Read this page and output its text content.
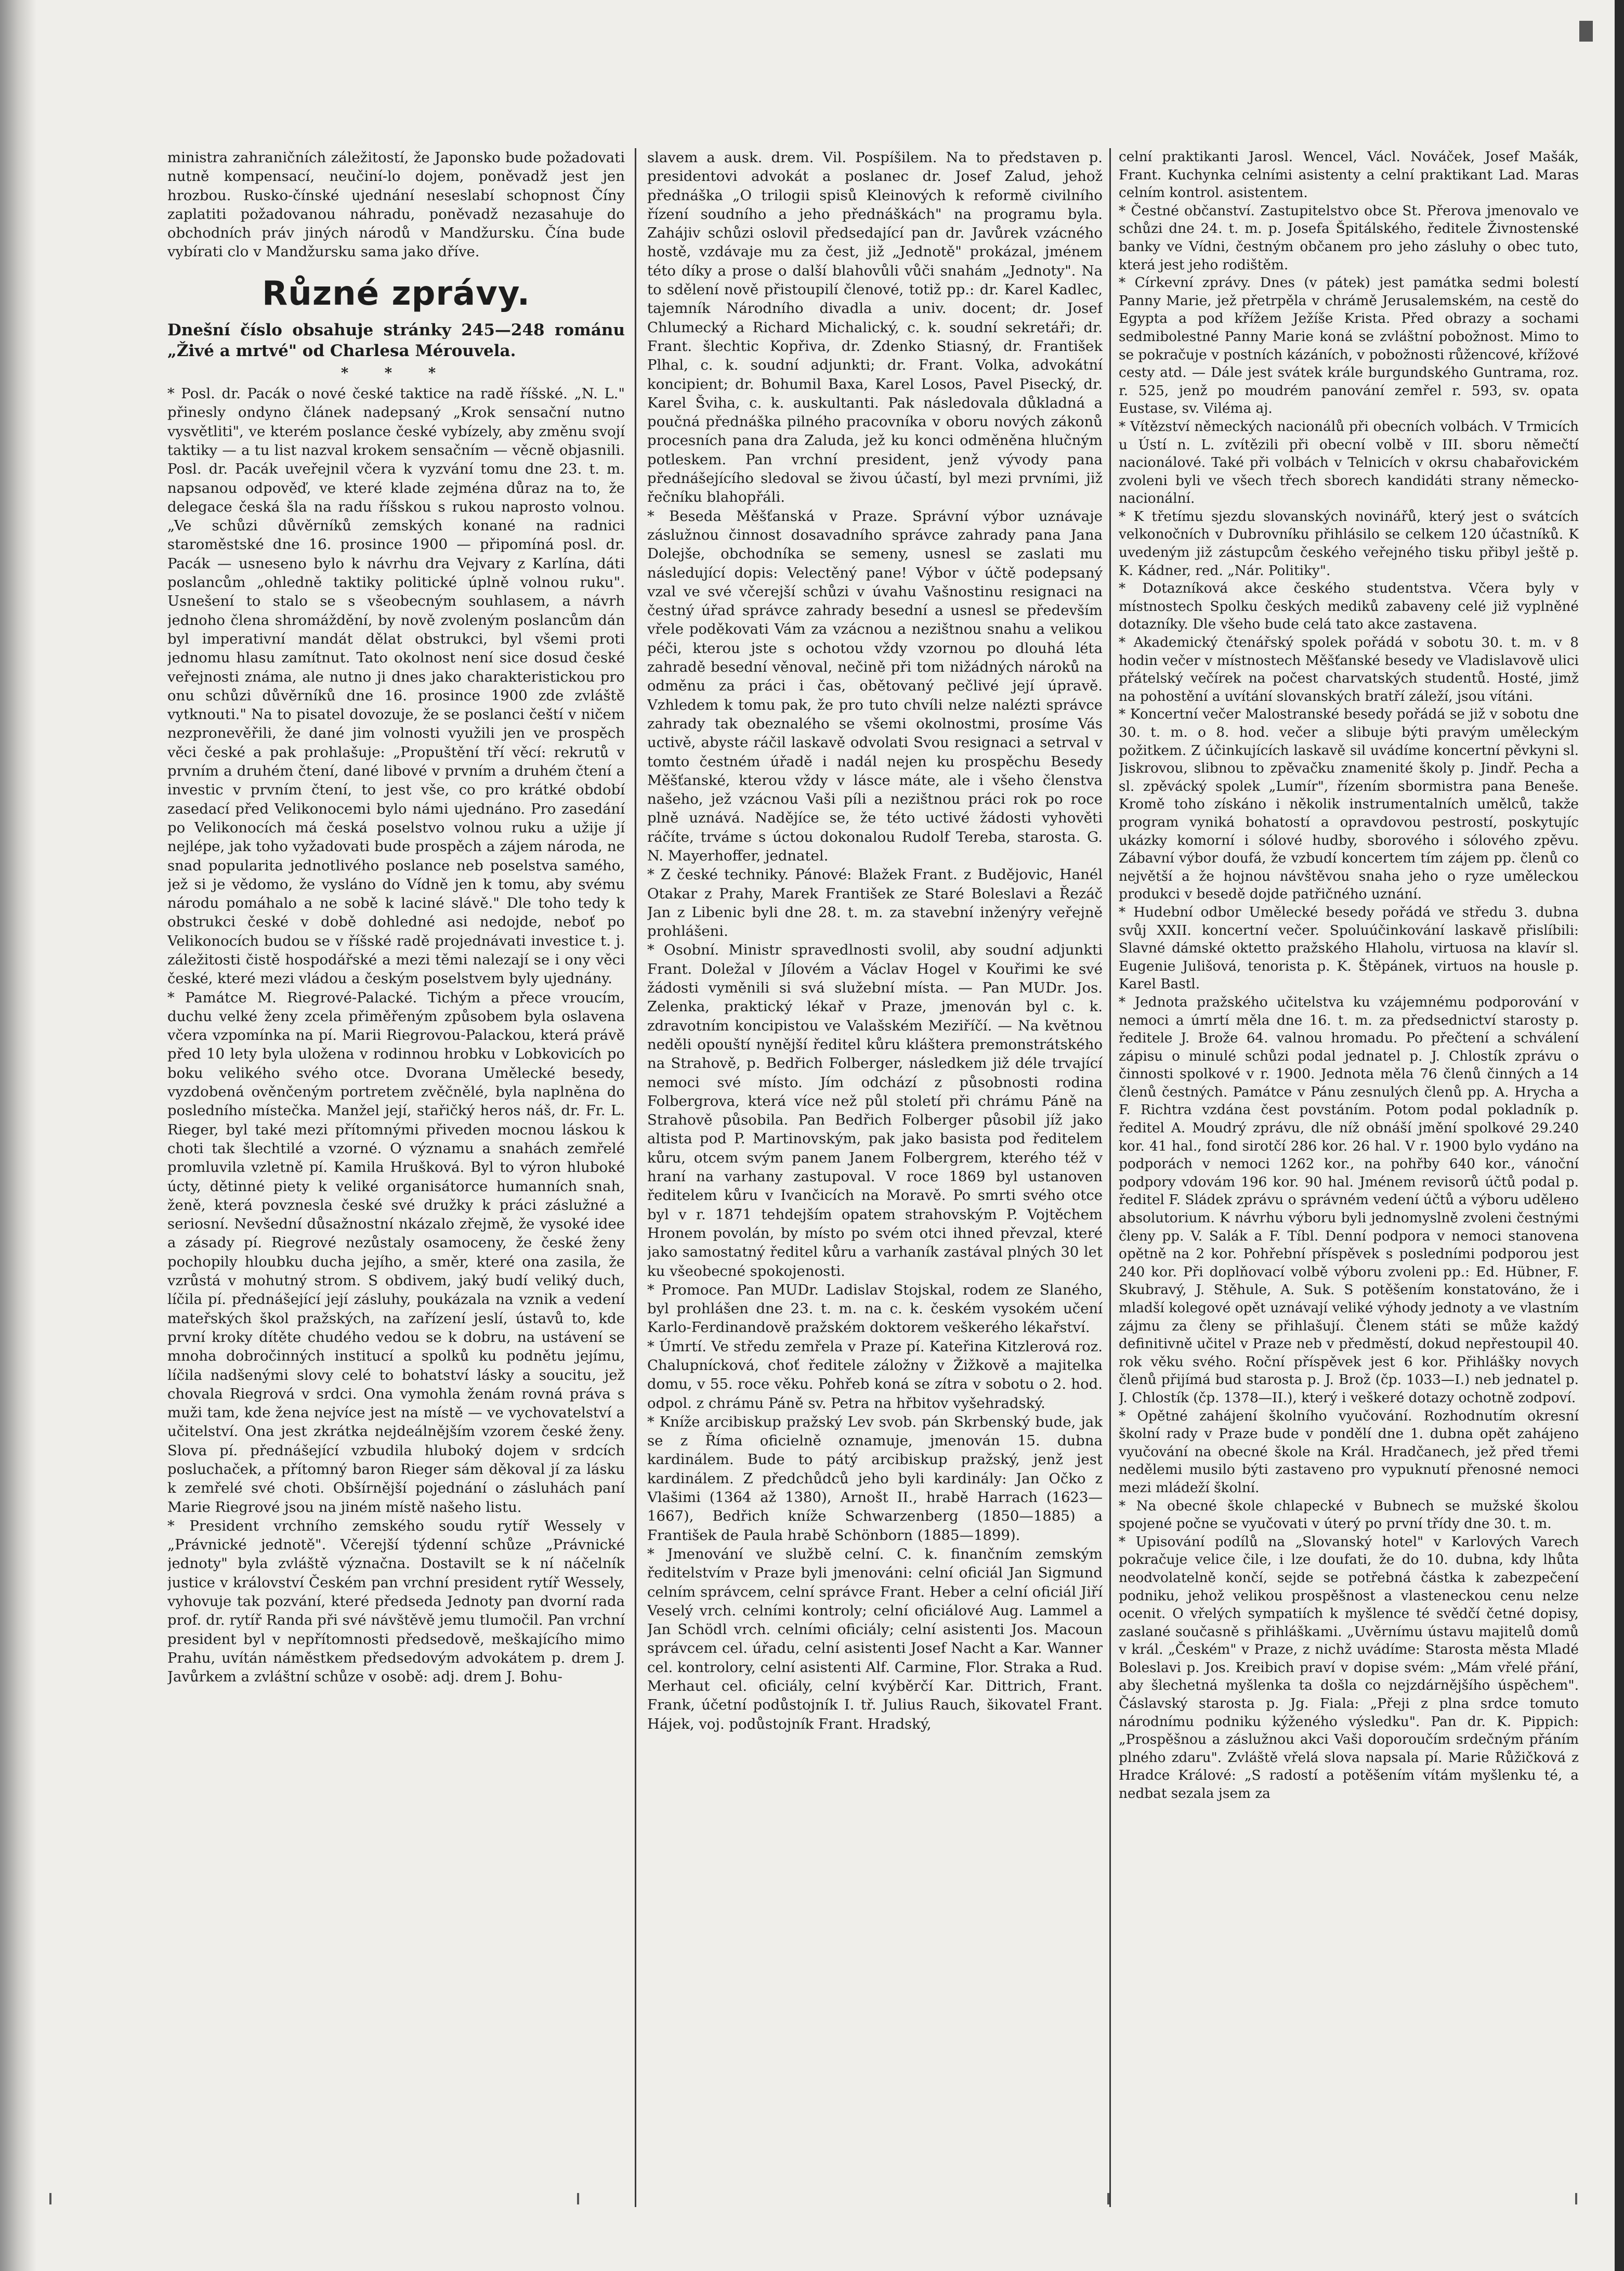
ministra zahraničních záležitostí, že Japonsko bude požadovati nutně kompensací, neučiní-lo dojem, poněvadž jest jen hrozbou. Rusko-čínské ujednání neseslabí schopnost Číny zaplatiti požadovanou náhradu, poněvadž nezasahuje do obchodních práv jiných národů v Mandžursku. Čína bude vybírati clo v Mandžursku sama jako dříve.

Různé zprávy.

Dnešní číslo obsahuje stránky 245—248 románu „Živé a mrtvé" od Charlesa Mérouvela.

* * *

* Posl. dr. Pacák o nové české taktice na radě říšské. „N. L." přinesly ondyno článek nadepsaný „Krok sensační nutno vysvětliti", ve kterém poslance české vybízely, aby změnu svojí taktiky — a tu list nazval krokem sensačním — věcně objasnili. Posl. dr. Pacák uveřejnil včera k vyzvání tomu dne 23. t. m. napsanou odpověď, ve které klade zejména důraz na to, že delegace česká šla na radu říšskou s rukou naprosto volnou. „Ve schůzi důvěrníků zemských konané na radnici staroměstské dne 16. prosince 1900 — připomíná posl. dr. Pacák — usneseno bylo k návrhu dra Vejvary z Karlína, dáti poslancům „ohledně taktiky politické úplně volnou ruku". Usnešení to stalo se s všeobecným souhlasem, a návrh jednoho člena shromáždění, by nově zvoleným poslancům dán byl imperativní mandát dělat obstrukci, byl všemi proti jednomu hlasu zamítnut. Tato okolnost není sice dosud české veřejnosti známa, ale nutno ji dnes jako charakteristickou pro onu schůzi důvěrníků dne 16. prosince 1900 zde zvláště vytknouti." Na to pisatel dovozuje, že se poslanci čeští v ničem nezpronevěřili, že dané jim volnosti využili jen ve prospěch věci české a pak prohlašuje: „Propuštění tří věcí: rekrutů v prvním a druhém čtení, dané libové v prvním a druhém čtení a investic v prvním čtení, to jest vše, co pro krátké období zasedací před Velikonocemi bylo námi ujednáno. Pro zasedání po Velikonocích má česká poselstvo volnou ruku a užije jí nejlépe, jak toho vyžadovati bude prospěch a zájem národa, ne snad popularita jednotlivého poslance neb poselstva samého, jež si je vědomo, že vysláno do Vídně jen k tomu, aby svému národu pomáhalo a ne sobě k laciné slávě." Dle toho tedy k obstrukci české v době dohledné asi nedojde, neboť po Velikonocích budou se v říšské radě projednávati investice t. j. záležitosti čistě hospodářské a mezi těmi nalezají se i ony věci české, které mezi vládou a českým poselstvem byly ujednány.

* Památce M. Riegrové-Palacké. Tichým a přece vroucím, duchu velké ženy zcela přiměřeným způsobem byla oslavena včera vzpomínka na pí. Marii Riegrovou-Palackou, která právě před 10 lety byla uložena v rodinnou hrobku v Lobkovicích po boku velikého svého otce. Dvorana Umělecké besedy, vyzdobená ověnčeným portretem zvěčnělé, byla naplněna do posledního místečka. Manžel její, stařičký heros náš, dr. Fr. L. Rieger, byl také mezi přítomnými přiveden mocnou láskou k choti tak šlechtilé a vzorné. O významu a snahách zemřelé promluvila vzletně pí. Kamila Hrušková. Byl to výron hluboké úcty, dětinné piety k veliké organisátorce humanních snah, ženě, která povznesla české své družky k práci záslužné a seriosní. Nevšední důsažnostní nkázalo zřejmě, že vysoké idee a zásady pí. Riegrové nezůstaly osamoceny, že české ženy pochopily hloubku ducha jejího, a směr, které ona zasila, že vzrůstá v mohutný strom. S obdivem, jaký budí veliký duch, líčila pí. přednášející její zásluhy, poukázala na vznik a vedení mateřských škol pražských, na zařízení jeslí, ústavů to, kde první kroky dítěte chudého vedou se k dobru, na ustávení se mnoha dobročinných institucí a spolků ku podnětu jejímu, líčila nadšenými slovy celé to bohatství lásky a soucitu, jež chovala Riegrová v srdci. Ona vymohla ženám rovná práva s muži tam, kde žena nejvíce jest na místě — ve vychovatelství a učitelství. Ona jest zkrátka nejdeálnějším vzorem české ženy. Slova pí. přednášející vzbudila hluboký dojem v srdcích posluchaček, a přítomný baron Rieger sám děkoval jí za lásku k zemřelé své choti. Obšírnější pojednání o zásluhách paní Marie Riegrové jsou na jiném místě našeho listu.

* President vrchního zemského soudu rytíř Wessely v „Právnické jednotě". Včerejší týdenní schůze „Právnické jednoty" byla zvláště význačna. Dostavilt se k ní náčelník justice v království Českém pan vrchní president rytíř Wessely, vyhovuje tak pozvání, které předseda Jednoty pan dvorní rada prof. dr. rytíř Randa při své návštěvě jemu tlumočil. Pan vrchní president byl v nepřítomnosti předsedově, meškajícího mimo Prahu, uvítán náměstkem předsedovým advokátem p. drem J. Javůrkem a zvláštní schůze v osobě: adj. drem J. Bohu-

slavem a ausk. drem. Vil. Pospíšilem. Na to představen p. presidentovi advokát a poslanec dr. Josef Zalud, jehož přednáška „O trilogii spisů Kleinových k reformě civilního řízení soudního a jeho přednáškách" na programu byla. Zahájiv schůzi oslovil předsedající pan dr. Javůrek vzácného hostě, vzdávaje mu za čest, již „Jednotě" prokázal, jménem této díky a prose o další blahovůli vůči snahám „Jednoty". Na to sdělení nově přistoupilí členové, totiž pp.: dr. Karel Kadlec, tajemník Národního divadla a univ. docent; dr. Josef Chlumecký a Richard Michalický, c. k. soudní sekretáři; dr. Frant. šlechtic Kopřiva, dr. Zdenko Stiasný, dr. František Plhal, c. k. soudní adjunkti; dr. Frant. Volka, advokátní koncipient; dr. Bohumil Baxa, Karel Losos, Pavel Pisecký, dr. Karel Šviha, c. k. auskultanti. Pak následovala důkladná a poučná přednáška pilného pracovníka v oboru nových zákonů procesních pana dra Zaluda, jež ku konci odměněna hlučným potleskem. Pan vrchní president, jenž vývody pana přednášejícího sledoval se živou účastí, byl mezi prvními, již řečníku blahopřáli.

* Beseda Měšťanská v Praze. Správní výbor uznávaje záslužnou činnost dosavadního správce zahrady pana Jana Dolejše, obchodníka se semeny, usnesl se zaslati mu následující dopis: Velectěný pane! Výbor v účtě podepsaný vzal ve své včerejší schůzi v úvahu Vašnostinu resignaci na čestný úřad správce zahrady besední a usnesl se především vřele poděkovati Vám za vzácnou a nezištnou snahu a velikou péči, kterou jste s ochotou vždy vzornou po dlouhá léta zahradě besední věnoval, nečině při tom nižádných nároků na odměnu za práci i čas, obětovaný pečlivé její úpravě. Vzhledem k tomu pak, že pro tuto chvíli nelze nalézti správce zahrady tak obeznalého se všemi okolnostmi, prosíme Vás uctivě, abyste ráčil laskavě odvolati Svou resignaci a setrval v tomto čestném úřadě i nadál nejen ku prospěchu Besedy Měšťanské, kterou vždy v lásce máte, ale i všeho členstva našeho, jež vzácnou Vaši píli a nezištnou práci rok po roce plně uznává. Nadějíce se, že této uctivé žádosti vyhověti ráčíte, trváme s úctou dokonalou Rudolf Tereba, starosta. G. N. Mayerhoffer, jednatel.

* Z české techniky. Pánové: Blažek Frant. z Budějovic, Hanél Otakar z Prahy, Marek František ze Staré Boleslavi a Řezáč Jan z Libenic byli dne 28. t. m. za stavební inženýry veřejně prohlášeni.

* Osobní. Ministr spravedlnosti svolil, aby soudní adjunkti Frant. Doležal v Jílovém a Václav Hogel v Kouřimi ke své žádosti vyměnili si svá služební místa. — Pan MUDr. Jos. Zelenka, praktický lékař v Praze, jmenován byl c. k. zdravotním koncipistou ve Valašském Meziříčí. — Na květnou neděli opouští nynější ředitel kůru kláštera premonstrátského na Strahově, p. Bedřich Folberger, následkem již déle trvající nemoci své místo. Jím odchází z působnosti rodina Folbergrova, která více než půl století při chrámu Páně na Strahově působila. Pan Bedřich Folberger působil jíž jako altista pod P. Martinovským, pak jako basista pod ředitelem kůru, otcem svým panem Janem Folbergrem, kterého též v hraní na varhany zastupoval. V roce 1869 byl ustanoven ředitelem kůru v Ivančicích na Moravě. Po smrti svého otce byl v r. 1871 tehdejším opatem strahovským P. Vojtěchem Hronem povolán, by místo po svém otci ihned převzal, které jako samostatný ředitel kůru a varhaník zastával plných 30 let ku všeobecné spokojenosti.

* Promoce. Pan MUDr. Ladislav Stojskal, rodem ze Slaného, byl prohlášen dne 23. t. m. na c. k. českém vysokém učení Karlo-Ferdinandově pražském doktorem veškerého lékařství.

* Úmrtí. Ve středu zemřela v Praze pí. Kateřina Kitzlerová roz. Chalupnícková, choť ředitele záložny v Žižkově a majitelka domu, v 55. roce věku. Pohřeb koná se zítra v sobotu o 2. hod. odpol. z chrámu Páně sv. Petra na hřbitov vyšehradský.

* Kníže arcibiskup pražský Lev svob. pán Skrbenský bude, jak se z Říma oficielně oznamuje, jmenován 15. dubna kardinálem. Bude to pátý arcibiskup pražský, jenž jest kardinálem. Z předchůdců jeho byli kardinály: Jan Očko z Vlašimi (1364 až 1380), Arnošt II., hrabě Harrach (1623—1667), Bedřich kníže Schwarzenberg (1850—1885) a František de Paula hrabě Schönborn (1885—1899).

* Jmenování ve službě celní. C. k. finančním zemským ředitelstvím v Praze byli jmenováni: celní oficiál Jan Sigmund celním správcem, celní správce Frant. Heber a celní oficiál Jiří Veselý vrch. celními kontroly; celní oficiálové Aug. Lammel a Jan Schödl vrch. celními oficiály; celní asistenti Jos. Macoun správcem cel. úřadu, celní asistenti Josef Nacht a Kar. Wanner cel. kontrolory, celní asistenti Alf. Carmine, Flor. Straka a Rud. Merhaut cel. oficiály, celní kvýběrčí Kar. Dittrich, Frant. Frank, účetní podůstojník I. tř. Julius Rauch, šikovatel Frant. Hájek, voj. podůstojník Frant. Hradský,

celní praktikanti Jarosl. Wencel, Václ. Nováček, Josef Mašák, Frant. Kuchynka celními asistenty a celní praktikant Lad. Maras celním kontrol. asistentem.

* Čestné občanství. Zastupitelstvo obce St. Přerova jmenovalo ve schůzi dne 24. t. m. p. Josefa Špitálského, ředitele Živnostenské banky ve Vídni, čestným občanem pro jeho zásluhy o obec tuto, která jest jeho rodištěm.

* Církevní zprávy. Dnes (v pátek) jest památka sedmi bolestí Panny Marie, jež přetrpěla v chrámě Jerusalemském, na cestě do Egypta a pod křížem Ježíše Krista. Před obrazy a sochami sedmibolestné Panny Marie koná se zvláštní pobožnost. Mimo to se pokračuje v postních kázáních, v pobožnosti růžencové, křížové cesty atd. — Dále jest svátek krále burgundského Guntrama, roz. r. 525, jenž po moudrém panování zemřel r. 593, sv. opata Eustase, sv. Viléma aj.

* Vítězství německých nacionálů při obecních volbách. V Trmicích u Ústí n. L. zvítězili při obecní volbě v III. sboru němečtí nacionálové. Také při volbách v Telnicích v okrsu chabařovickém zvoleni byli ve všech třech sborech kandidáti strany německo-nacionální.

* K třetímu sjezdu slovanských novinářů, který jest o svátcích velkonočních v Dubrovníku přihlásilo se celkem 120 účastníků. K uvedeným již zástupcům českého veřejného tisku přibyl ještě p. K. Kádner, red. „Nár. Politiky".

* Dotazníková akce českého studentstva. Včera byly v místnostech Spolku českých mediků zabaveny celé již vyplněné dotazníky. Dle všeho bude celá tato akce zastavena.

* Akademický čtenářský spolek pořádá v sobotu 30. t. m. v 8 hodin večer v místnostech Měšťanské besedy ve Vladislavově ulici přátelský večírek na počest charvatských studentů. Hosté, jimž na pohostění a uvítání slovanských bratří záleží, jsou vítáni.

* Koncertní večer Malostranské besedy pořádá se již v sobotu dne 30. t. m. o 8. hod. večer a slibuje býti pravým uměleckým požitkem. Z účinkujících laskavě sil uvádíme koncertní pěvkyni sl. Jiskrovou, slibnou to zpěvačku znamenité školy p. Jindř. Pecha a sl. zpěvácký spolek „Lumír", řízením sbormistra pana Beneše. Kromě toho získáno i několik instrumentalních umělců, takže program vyniká bohatostí a opravdovou pestrostí, poskytujíc ukázky komorní i sólové hudby, sborového i sólového zpěvu. Zábavní výbor doufá, že vzbudí koncertem tím zájem pp. členů co největší a že hojnou návštěvou snaha jeho o ryze uměleckou produkci v besedě dojde patřičného uznání.

* Hudební odbor Umělecké besedy pořádá ve středu 3. dubna svůj XXII. koncertní večer. Spoluúčinkování laskavě přislíbili: Slavné dámské oktetto pražského Hlaholu, virtuosa na klavír sl. Eugenie Julišová, tenorista p. K. Štěpánek, virtuos na housle p. Karel Bastl.

* Jednota pražského učitelstva ku vzájemnému podporování v nemoci a úmrtí měla dne 16. t. m. za předsednictví starosty p. ředitele J. Brože 64. valnou hromadu. Po přečtení a schválení zápisu o minulé schůzi podal jednatel p. J. Chlostík zprávu o činnosti spolkové v r. 1900. Jednota měla 76 členů činných a 14 členů čestných. Památce v Pánu zesnulých členů pp. A. Hrycha a F. Richtra vzdána čest povstáním. Potom podal pokladník p. ředitel A. Moudrý zprávu, dle níž obnáší jmění spolkové 29.240 kor. 41 hal., fond sirotčí 286 kor. 26 hal. V r. 1900 bylo vydáno na podporách v nemoci 1262 kor., na pohřby 640 kor., vánoční podpory vdovám 196 kor. 90 hal. Jménem revisorů účtů podal p. ředitel F. Sládek zprávu o správném vedení účtů a výboru udělено absolutorium. K návrhu výboru byli jednomyslně zvoleni čestnými členy pp. V. Salák a F. Tíbl. Denní podpora v nemoci stanovena opětně na 2 kor. Pohřební příspěvek s posledními podporou jest 240 kor. Při doplňovací volbě výboru zvoleni pp.: Ed. Hübner, F. Skubravý, J. Stěhule, A. Suk. S potěšením konstatováno, že i mladší kolegové opět uznávají veliké výhody jednoty a ve vlastním zájmu za členy se přihlašují. Členem státi se může každý definitivně učitel v Praze neb v předměstí, dokud nepřestoupil 40. rok věku svého. Roční příspěvek jest 6 kor. Přihlášky novych členů přijímá bud starosta p. J. Brož (čp. 1033—I.) neb jednatel p. J. Chlostík (čp. 1378—II.), který i veškeré dotazy ochotně zodpoví.

* Opětné zahájení školního vyučování. Rozhodnutím okresní školní rady v Praze bude v pondělí dne 1. dubna opět zahájeno vyučování na obecné škole na Král. Hradčanech, jež před třemi nedělemi musilo býti zastaveno pro vypuknutí přenosné nemoci mezi mládeží školní.

* Na obecné škole chlapecké v Bubnech se mužské školou spojené počne se vyučovati v úterý po první třídy dne 30. t. m.

* Upisování podílů na „Slovanský hotel" v Karlových Varech pokračuje velice čile, i lze doufati, že do 10. dubna, kdy lhůta neodvolatelně končí, sejde se potřebná částka k zabezpečení podniku, jehož velikou prospěšnost a vlasteneckou cenu nelze ocenit. O vřelých sympatiích k myšlence té svědčí četné dopisy, zaslané současně s přihláškami. „Uvěrnímu ústavu majitelů domů v král. „Českém" v Praze, z nichž uvádíme: Starosta města Mladé Boleslavi p. Jos. Kreibich praví v dopise svém: „Mám vřelé přání, aby šlechetná myšlenka ta došla co nejzdárnějšího úspěchem". Čáslavský starosta p. Jg. Fiala: „Přeji z plna srdce tomuto národnímu podniku kýženého výsledku". Pan dr. K. Pippich: „Prospěšnou a záslužnou akci Vaši doporoučím srdečným přáním plného zdaru". Zvláště vřelá slova napsala pí. Marie Růžičková z Hradce Králové: „S radostí a potěšením vítám myšlenku té, a nedbat sezala jsem za
